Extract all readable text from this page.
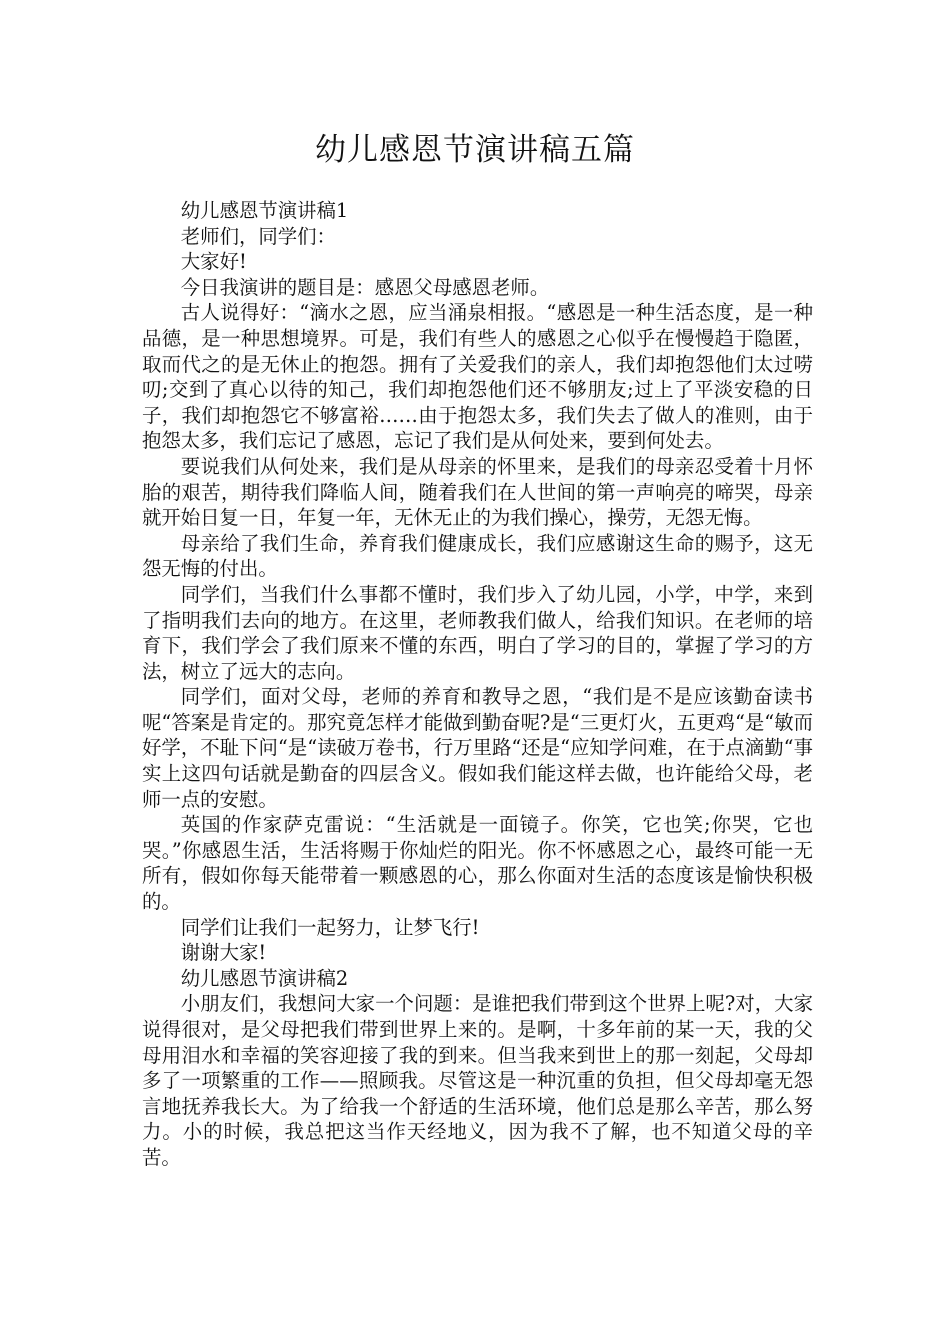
幼儿感恩节演讲稿五篇

幼儿感恩节演讲稿1

老师们，同学们：

大家好!

今日我演讲的题目是：感恩父母感恩老师。

古人说得好：“滴水之恩，应当涌泉相报。“感恩是一种生活态度，是一种品德，是一种思想境界。可是，我们有些人的感恩之心似乎在慢慢趋于隐匿，取而代之的是无休止的抱怨。拥有了关爱我们的亲人，我们却抱怨他们太过唠叨;交到了真心以待的知己，我们却抱怨他们还不够朋友;过上了平淡安稳的日子，我们却抱怨它不够富裕……由于抱怨太多，我们失去了做人的准则，由于抱怨太多，我们忘记了感恩，忘记了我们是从何处来，要到何处去。

要说我们从何处来，我们是从母亲的怀里来，是我们的母亲忍受着十月怀胎的艰苦，期待我们降临人间，随着我们在人世间的第一声响亮的啼哭，母亲就开始日复一日，年复一年，无休无止的为我们操心，操劳，无怨无悔。

母亲给了我们生命，养育我们健康成长，我们应感谢这生命的赐予，这无怨无悔的付出。

同学们，当我们什么事都不懂时，我们步入了幼儿园，小学，中学，来到了指明我们去向的地方。在这里，老师教我们做人，给我们知识。在老师的培育下，我们学会了我们原来不懂的东西，明白了学习的目的，掌握了学习的方法，树立了远大的志向。

同学们，面对父母，老师的养育和教导之恩，“我们是不是应该勤奋读书呢“答案是肯定的。那究竟怎样才能做到勤奋呢?是“三更灯火，五更鸡“是“敏而好学，不耻下问“是“读破万卷书，行万里路“还是“应知学问难，在于点滴勤“事实上这四句话就是勤奋的四层含义。假如我们能这样去做，也许能给父母，老师一点的安慰。

英国的作家萨克雷说：“生活就是一面镜子。你笑，它也笑;你哭，它也哭。”你感恩生活，生活将赐于你灿烂的阳光。你不怀感恩之心，最终可能一无所有，假如你每天能带着一颗感恩的心，那么你面对生活的态度该是愉快积极的。

同学们让我们一起努力，让梦飞行!

谢谢大家!

幼儿感恩节演讲稿2

小朋友们，我想问大家一个问题：是谁把我们带到这个世界上呢?对，大家说得很对，是父母把我们带到世界上来的。是啊，十多年前的某一天，我的父母用泪水和幸福的笑容迎接了我的到来。但当我来到世上的那一刻起，父母却多了一项繁重的工作——照顾我。尽管这是一种沉重的负担，但父母却毫无怨言地抚养我长大。为了给我一个舒适的生活环境，他们总是那么辛苦，那么努力。小的时候，我总把这当作天经地义，因为我不了解，也不知道父母的辛苦。
